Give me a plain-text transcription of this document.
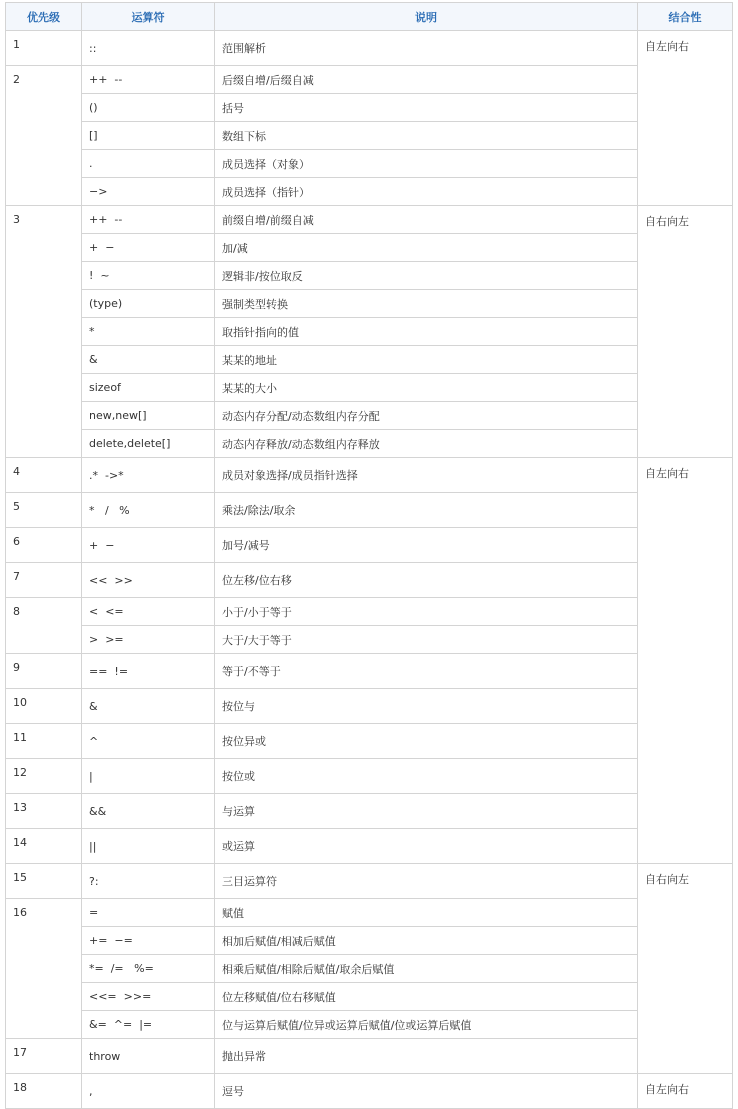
优先级	运算符	说明	结合性
1	::	范围解析	自左向右
2	++  --	后缀自增/后缀自减	
	()	括号	
	[]	数组下标	
	.	成员选择（对象）	
	−>	成员选择（指针）	
3	++  --	前缀自增/前缀自减	自右向左
	+  −	加/减	
	!  ~	逻辑非/按位取反	
	(type)	强制类型转换	
	*	取指针指向的值	
	&	某某的地址	
	sizeof	某某的大小	
	new,new[]	动态内存分配/动态数组内存分配	
	delete,delete[]	动态内存释放/动态数组内存释放	
4	.*  ->*	成员对象选择/成员指针选择	自左向右
5	*   /   %	乘法/除法/取余	
6	+  −	加号/减号	
7	<<  >>	位左移/位右移	
8	<  <=	小于/小于等于	
	>  >=	大于/大于等于	
9	==  !=	等于/不等于	
10	&	按位与	
11	^	按位异或	
12	|	按位或	
13	&&	与运算	
14	||	或运算	
15	?:	三目运算符	自右向左
16	=	赋值	
	+=  −=	相加后赋值/相减后赋值	
	*=  /=   %=	相乘后赋值/相除后赋值/取余后赋值	
	<<=  >>=	位左移赋值/位右移赋值	
	&=  ^=  |=	位与运算后赋值/位异或运算后赋值/位或运算后赋值	
17	throw	抛出异常	
18	,	逗号	自左向右
